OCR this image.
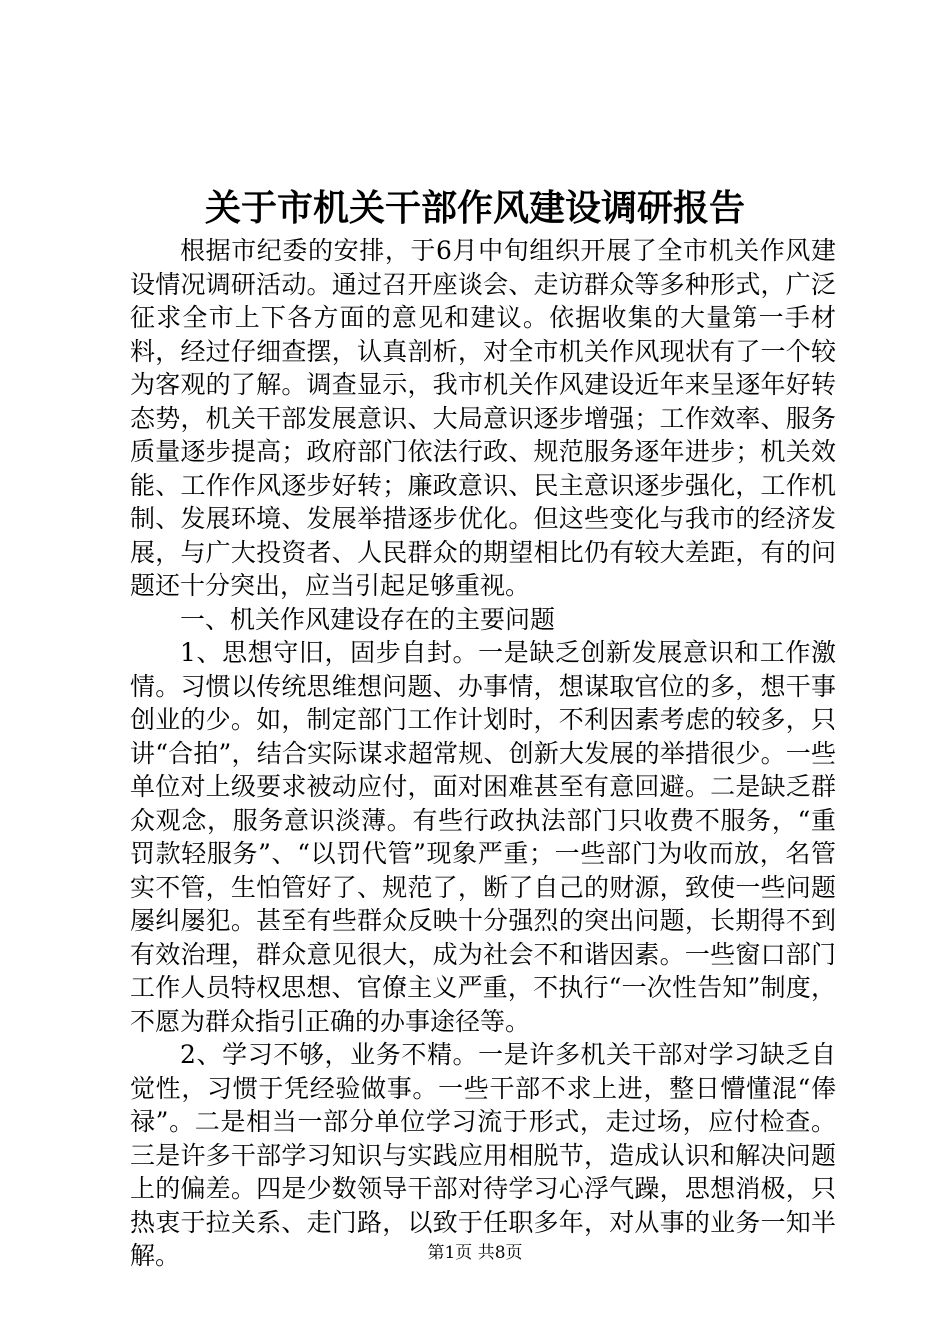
关于市机关干部作风建设调研报告

根据市纪委的安排，于6月中旬组织开展了全市机关作风建设情况调研活动。通过召开座谈会、走访群众等多种形式，广泛征求全市上下各方面的意见和建议。依据收集的大量第一手材料，经过仔细查摆，认真剖析，对全市机关作风现状有了一个较为客观的了解。调查显示，我市机关作风建设近年来呈逐年好转态势，机关干部发展意识、大局意识逐步增强；工作效率、服务质量逐步提高；政府部门依法行政、规范服务逐年进步；机关效能、工作作风逐步好转；廉政意识、民主意识逐步强化，工作机制、发展环境、发展举措逐步优化。但这些变化与我市的经济发展，与广大投资者、人民群众的期望相比仍有较大差距，有的问题还十分突出，应当引起足够重视。

一、机关作风建设存在的主要问题

1、思想守旧，固步自封。一是缺乏创新发展意识和工作激情。习惯以传统思维想问题、办事情，想谋取官位的多，想干事创业的少。如，制定部门工作计划时，不利因素考虑的较多，只讲“合拍”，结合实际谋求超常规、创新大发展的举措很少。一些单位对上级要求被动应付，面对困难甚至有意回避。二是缺乏群众观念，服务意识淡薄。有些行政执法部门只收费不服务，“重罚款轻服务”、“以罚代管”现象严重；一些部门为收而放，名管实不管，生怕管好了、规范了，断了自己的财源，致使一些问题屡纠屡犯。甚至有些群众反映十分强烈的突出问题，长期得不到有效治理，群众意见很大，成为社会不和谐因素。一些窗口部门工作人员特权思想、官僚主义严重，不执行“一次性告知”制度，不愿为群众指引正确的办事途径等。

2、学习不够，业务不精。一是许多机关干部对学习缺乏自觉性，习惯于凭经验做事。一些干部不求上进，整日懵懂混“俸禄”。二是相当一部分单位学习流于形式，走过场，应付检查。三是许多干部学习知识与实践应用相脱节，造成认识和解决问题上的偏差。四是少数领导干部对待学习心浮气躁，思想消极，只热衷于拉关系、走门路，以致于任职多年，对从事的业务一知半解。	第1页 共8页
